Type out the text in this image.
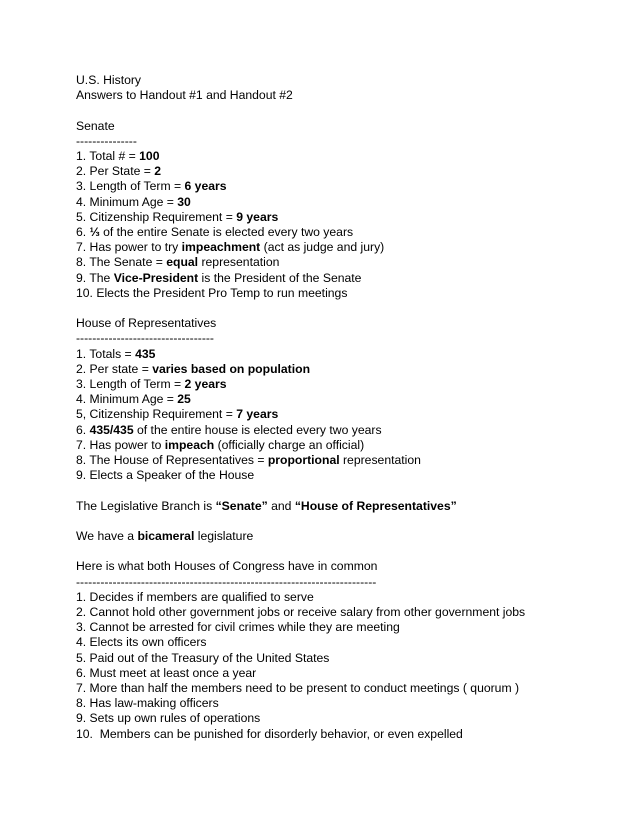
U.S. History
Answers to Handout #1 and Handout #2
Senate
---------------
1. Total # = 100
2. Per State = 2
3. Length of Term = 6 years
4. Minimum Age = 30
5. Citizenship Requirement = 9 years
6. ⅓ of the entire Senate is elected every two years
7. Has power to try impeachment (act as judge and jury)
8. The Senate = equal representation
9. The Vice-President is the President of the Senate
10. Elects the President Pro Temp to run meetings
House of Representatives
----------------------------------
1. Totals = 435
2. Per state = varies based on population
3. Length of Term = 2 years
4. Minimum Age = 25
5, Citizenship Requirement = 7 years
6. 435/435 of the entire house is elected every two years
7. Has power to impeach (officially charge an official)
8. The House of Representatives = proportional representation
9. Elects a Speaker of the House
The Legislative Branch is “Senate” and “House of Representatives”
We have a bicameral legislature
Here is what both Houses of Congress have in common
--------------------------------------------------------------------------
1. Decides if members are qualified to serve
2. Cannot hold other government jobs or receive salary from other government jobs
3. Cannot be arrested for civil crimes while they are meeting
4. Elects its own officers
5. Paid out of the Treasury of the United States
6. Must meet at least once a year
7. More than half the members need to be present to conduct meetings ( quorum )
8. Has law-making officers
9. Sets up own rules of operations
10.  Members can be punished for disorderly behavior, or even expelled
